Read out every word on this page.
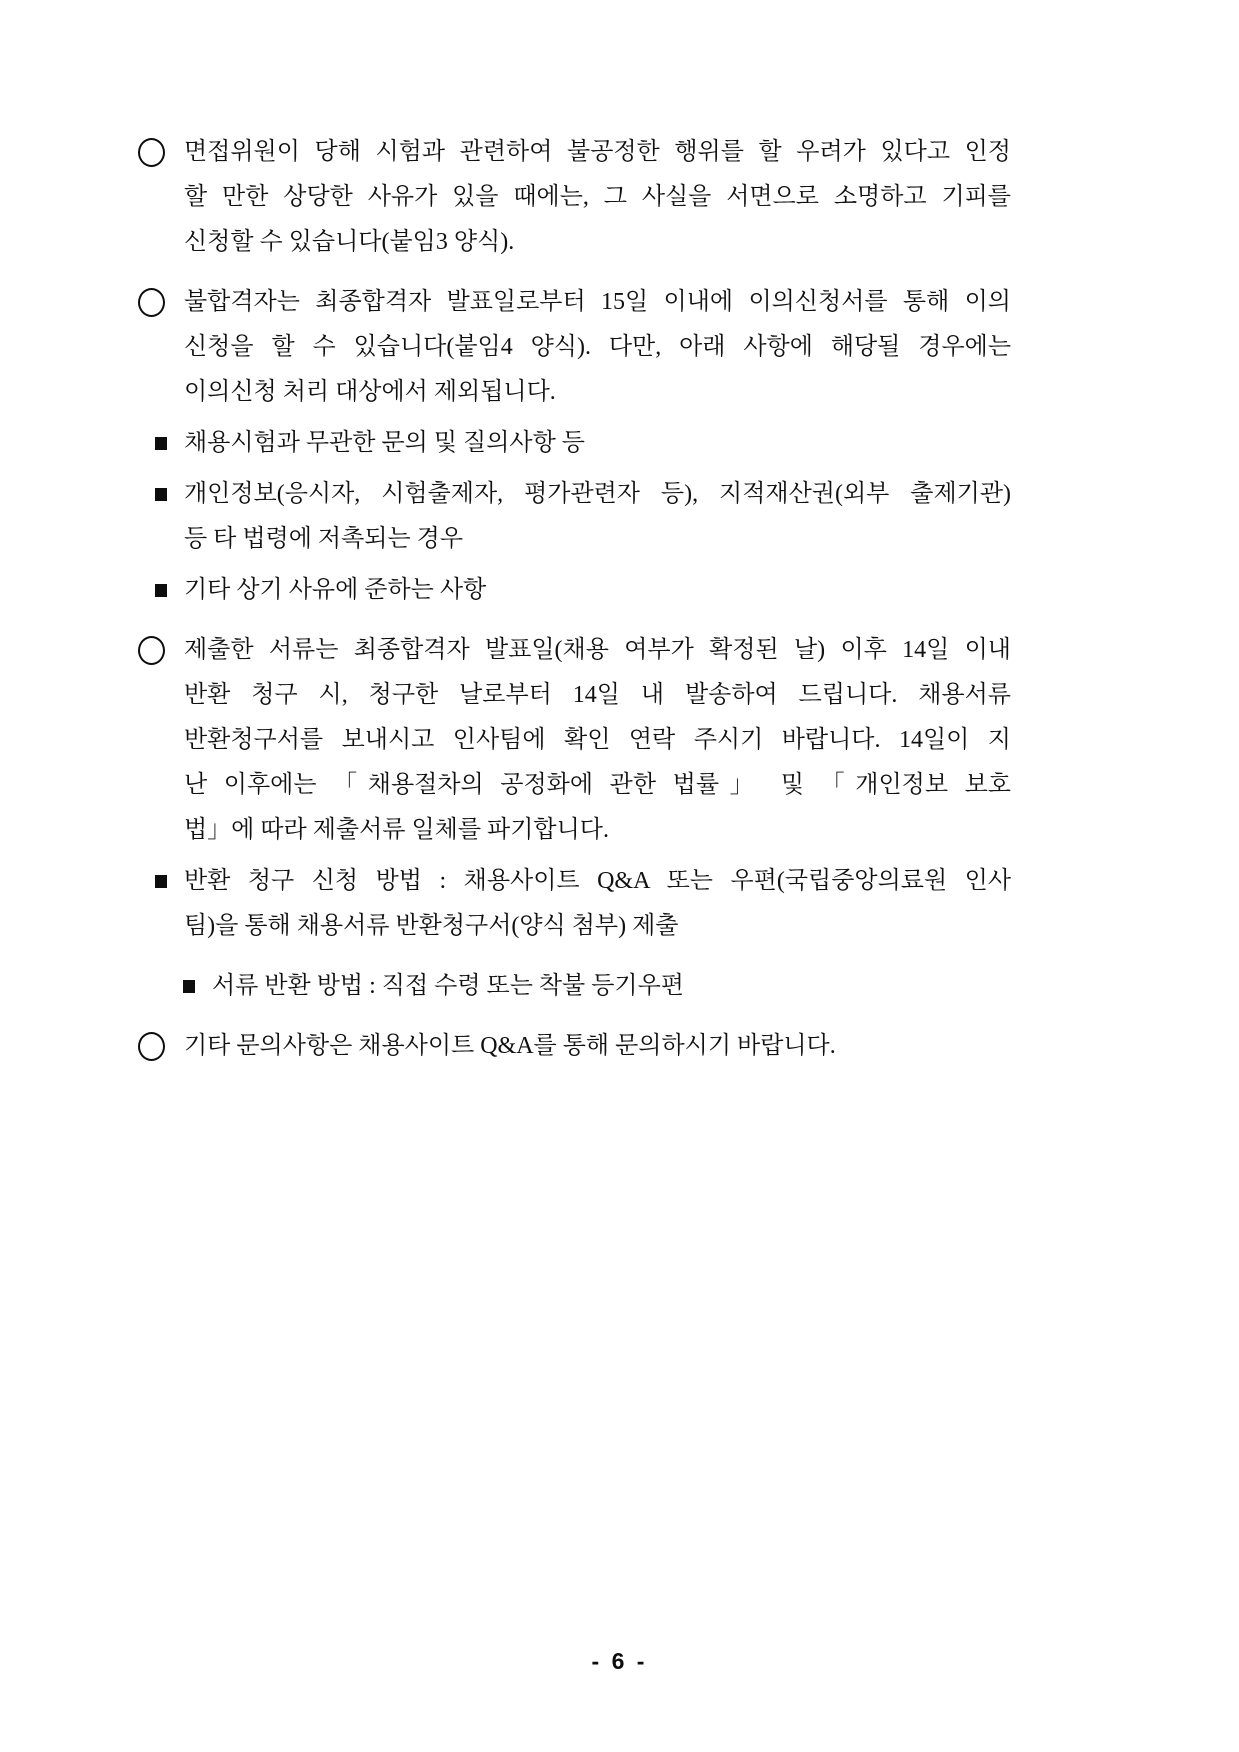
면접위원이 당해 시험과 관련하여 불공정한 행위를 할 우려가 있다고 인정
할 만한 상당한 사유가 있을 때에는, 그 사실을 서면으로 소명하고 기피를
신청할 수 있습니다(붙임3 양식).
불합격자는 최종합격자 발표일로부터 15일 이내에 이의신청서를 통해 이의
신청을 할 수 있습니다(붙임4 양식). 다만, 아래 사항에 해당될 경우에는
이의신청 처리 대상에서 제외됩니다.
채용시험과 무관한 문의 및 질의사항 등
개인정보(응시자, 시험출제자, 평가관련자 등), 지적재산권(외부 출제기관)
등 타 법령에 저촉되는 경우
기타 상기 사유에 준하는 사항
제출한 서류는 최종합격자 발표일(채용 여부가 확정된 날) 이후 14일 이내
반환 청구 시, 청구한 날로부터 14일 내 발송하여 드립니다. 채용서류
반환청구서를 보내시고 인사팀에 확인 연락 주시기 바랍니다. 14일이 지
난 이후에는 「채용절차의 공정화에 관한 법률」 및 「개인정보 보호
법」에 따라 제출서류 일체를 파기합니다.
반환 청구 신청 방법 : 채용사이트 Q&A 또는 우편(국립중앙의료원 인사
팀)을 통해 채용서류 반환청구서(양식 첨부) 제출
서류 반환 방법 : 직접 수령 또는 착불 등기우편
기타 문의사항은 채용사이트 Q&A를 통해 문의하시기 바랍니다.
- 6 -
